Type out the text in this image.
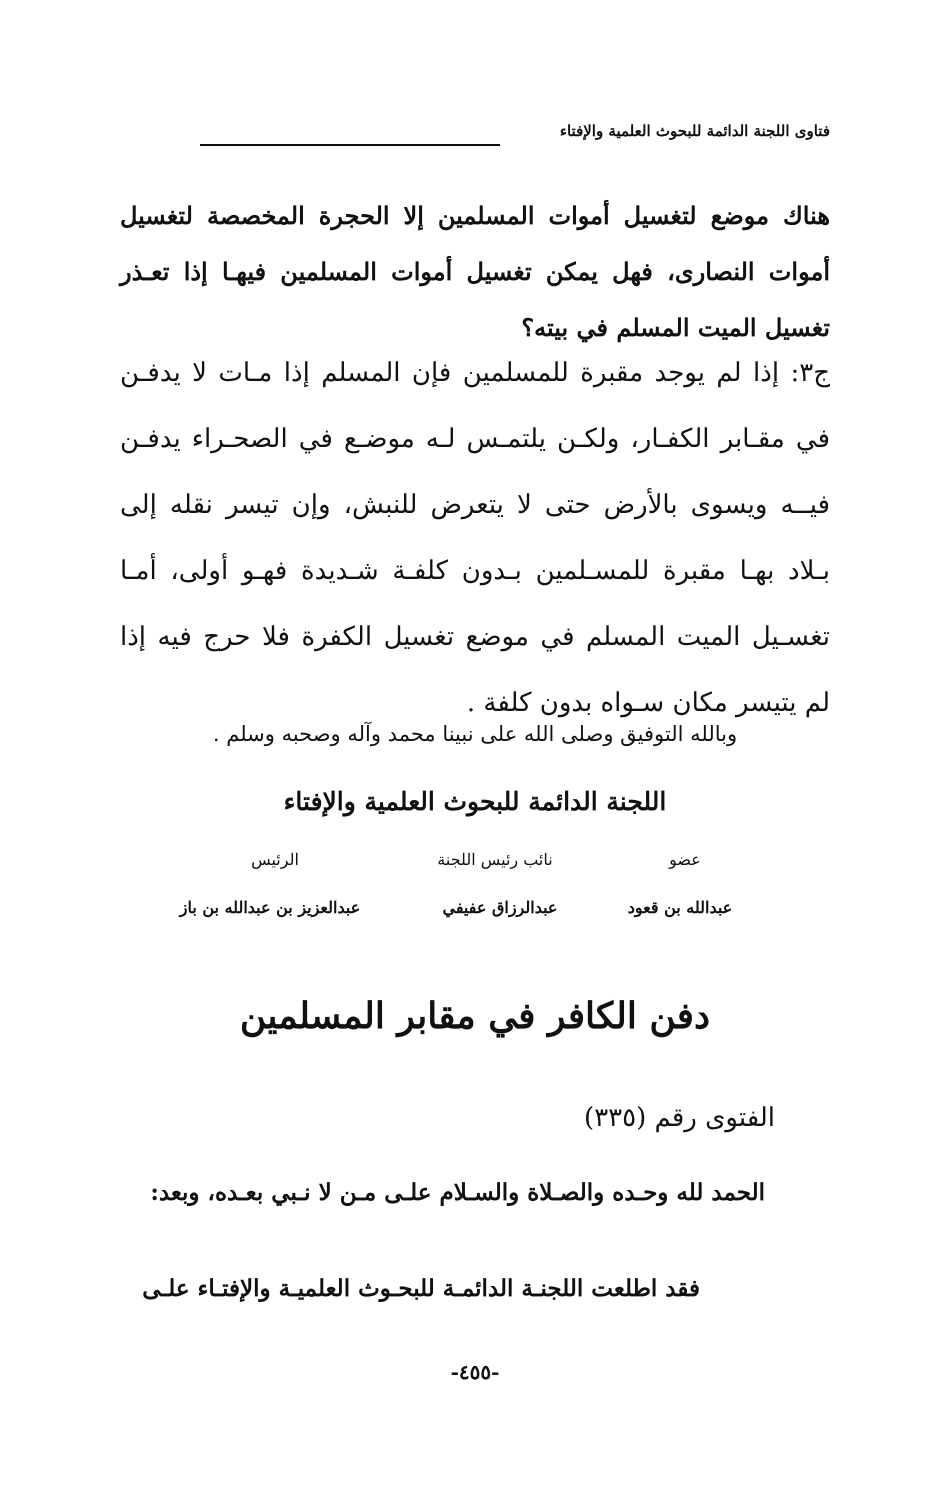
فتاوى اللجنة الدائمة للبحوث العلمية والإفتاء

هناك موضع لتغسيل أموات المسلمين إلا الحجرة المخصصة لتغسيل أموات النصارى، فهل يمكن تغسيل أموات المسلمين فيهـا إذا تعـذر تغسيل الميت المسلم في بيته؟

ج٣: إذا لم يوجد مقبرة للمسلمين فإن المسلم إذا مـات لا يدفـن في مقـابر الكفـار، ولكـن يلتمـس لـه موضـع في الصحـراء يدفـن فيــه ويسوى بالأرض حتى لا يتعرض للنبش، وإن تيسر نقله إلى بـلاد بهـا مقبرة للمسـلمين بـدون كلفـة شـديدة فهـو أولى، أمـا تغسـيل الميت المسلم في موضع تغسيل الكفرة فلا حرج فيه إذا لم يتيسر مكان سـواه بدون كلفة .

وبالله التوفيق وصلى الله على نبينا محمد وآله وصحبه وسلم .
اللجنة الدائمة للبحوث العلمية والإفتاء
عضو
نائب رئيس اللجنة
الرئيس
عبدالله بن قعود
عبدالرزاق عفيفي
عبدالعزيز بن عبدالله بن باز
دفن الكافر في مقابر المسلمين
الفتوى رقم (٣٣٥)
الحمد لله وحـده والصـلاة والسـلام علـى مـن لا نـبي بعـده، وبعد:
فقد اطلعت اللجنـة الدائمـة للبحـوث العلميـة والإفتـاء علـى
-٤٥٥-
